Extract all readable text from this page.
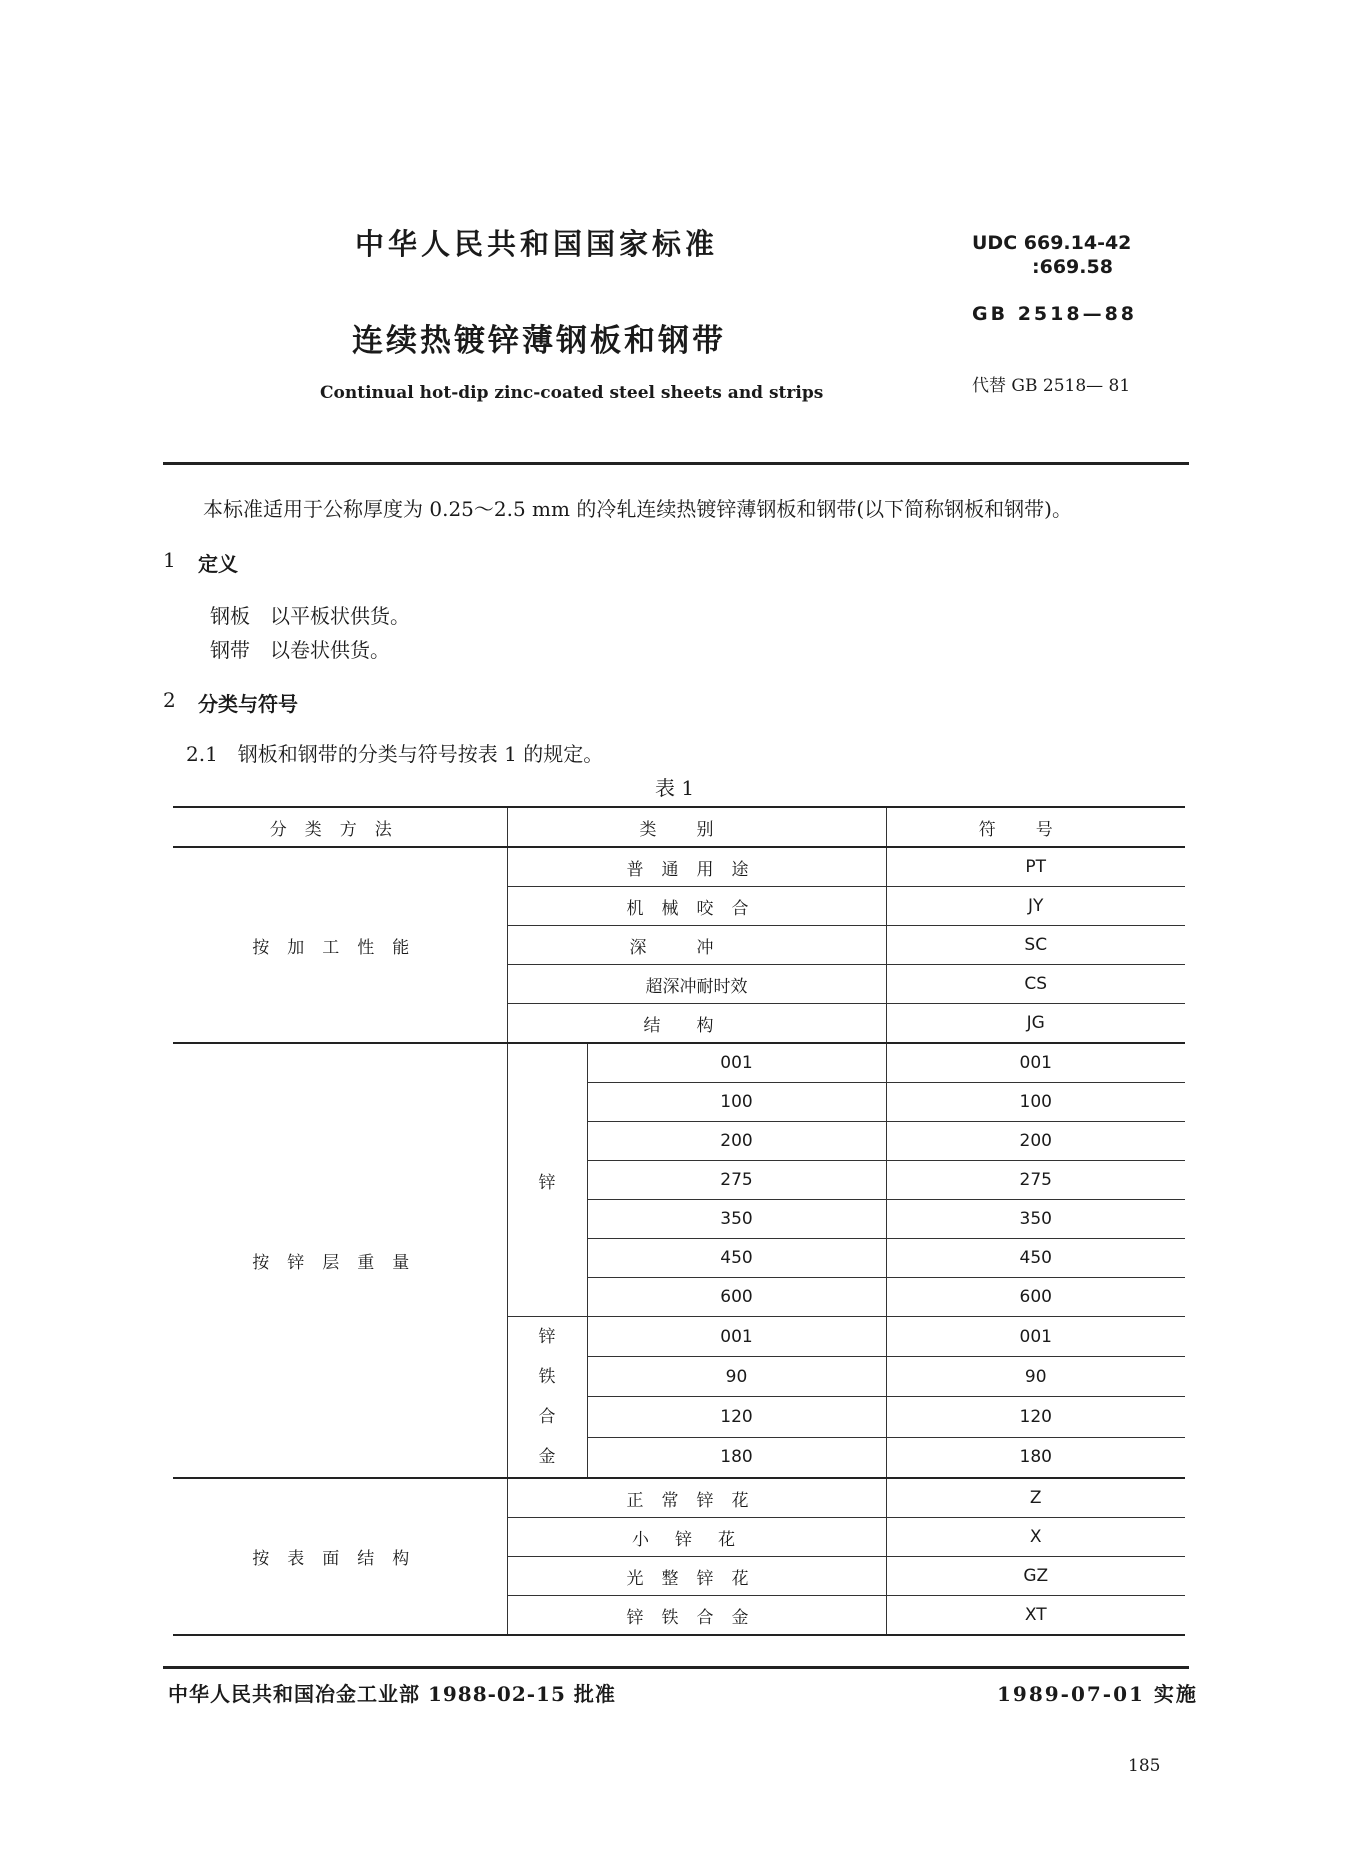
中华人民共和国国家标准
连续热镀锌薄钢板和钢带
Continual hot-dip zinc-coated steel sheets and strips
UDC 669.14-42
:669.58
GB 2518—88
代替 GB 2518— 81
本标准适用于公称厚度为 0.25～2.5 mm 的冷轧连续热镀锌薄钢板和钢带(以下简称钢板和钢带)。
1 定义
钢板　以平板状供货。
钢带　以卷状供货。
2 分类与符号
2.1　钢板和钢带的分类与符号按表 1 的规定。
表 1
分类方法	类别		符号
按加工性能	普通用途		PT
	机械咬合		JY
	深冲		SC
	超深冲耐时效		CS
	结构		JG
按锌层重量	锌	001	001
		100	100
		200	200
		275	275
		350	350
		450	450
		600	600
	锌铁合金	001	001
		90	90
		120	120
		180	180
按表面结构	正常锌花		Z
	小锌花		X
	光整锌花		GZ
	锌铁合金		XT
中华人民共和国冶金工业部 1988-02-15 批准	1989-07-01 实施
185
